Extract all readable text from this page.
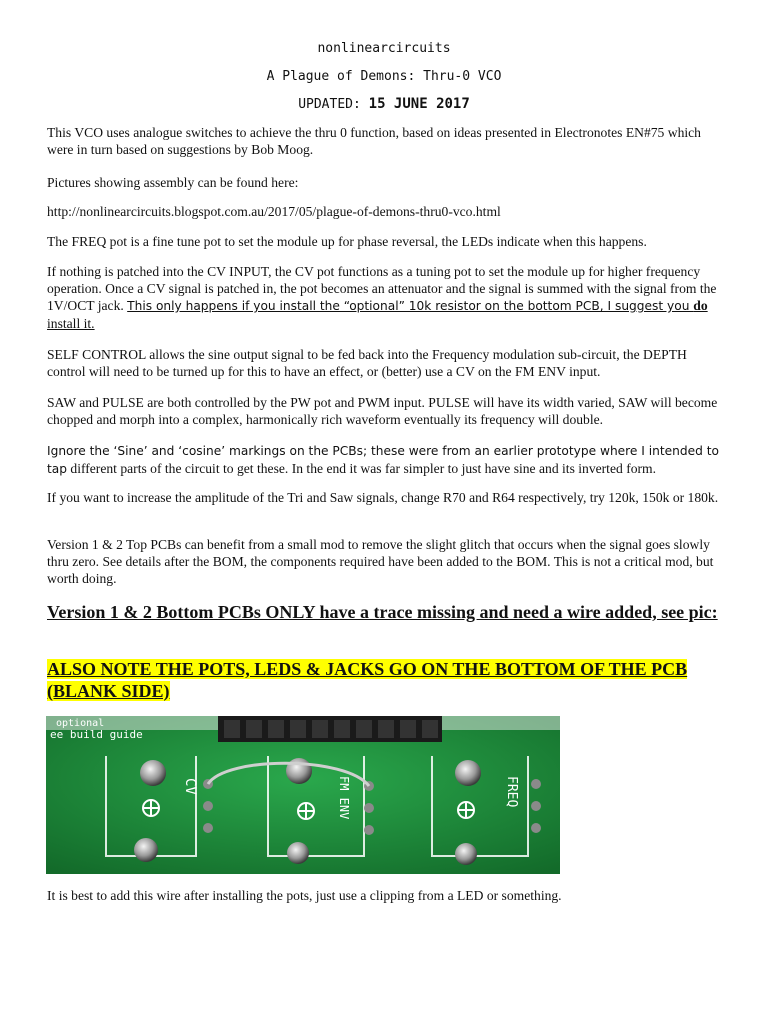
nonlinearcircuits
A Plague of Demons: Thru-0 VCO
UPDATED: 15 JUNE 2017
This VCO uses analogue switches to achieve the thru 0 function, based on ideas presented in Electronotes EN#75 which were in turn based on suggestions by Bob Moog.
Pictures showing assembly can be found here:
http://nonlinearcircuits.blogspot.com.au/2017/05/plague-of-demons-thru0-vco.html
The FREQ pot is a fine tune pot to set the module up for phase reversal, the LEDs indicate when this happens.
If nothing is patched into the CV INPUT, the CV pot functions as a tuning pot to set the module up for higher frequency operation. Once a CV signal is patched in, the pot becomes an attenuator and the signal is summed with the signal from the 1V/OCT jack. This only happens if you install the “optional” 10k resistor on the bottom PCB, I suggest you do install it.
SELF CONTROL allows the sine output signal to be fed back into the Frequency modulation sub-circuit, the DEPTH control will need to be turned up for this to have an effect, or (better) use a CV on the FM ENV input.
SAW and PULSE are both controlled by the PW pot and PWM input. PULSE will have its width varied, SAW will become chopped and morph into a complex, harmonically rich waveform eventually its frequency will double.
Ignore the ‘Sine’ and ‘cosine’ markings on the PCBs; these were from an earlier prototype where I intended to tap different parts of the circuit to get these. In the end it was far simpler to just have sine and its inverted form.
If you want to increase the amplitude of the Tri and Saw signals, change R70 and R64 respectively, try 120k, 150k or 180k.
Version 1 & 2 Top PCBs can benefit from a small mod to remove the slight glitch that occurs when the signal goes slowly thru zero. See details after the BOM, the components required have been added to the BOM. This is not a critical mod, but worth doing.
Version 1 & 2 Bottom PCBs ONLY have a trace missing and need a wire added, see pic:
ALSO NOTE THE POTS, LEDS & JACKS GO ON THE BOTTOM OF THE PCB (BLANK SIDE)
optional
ee build guide
CV	FM ENV	FREQ
It is best to add this wire after installing the pots, just use a clipping from a LED or something.
